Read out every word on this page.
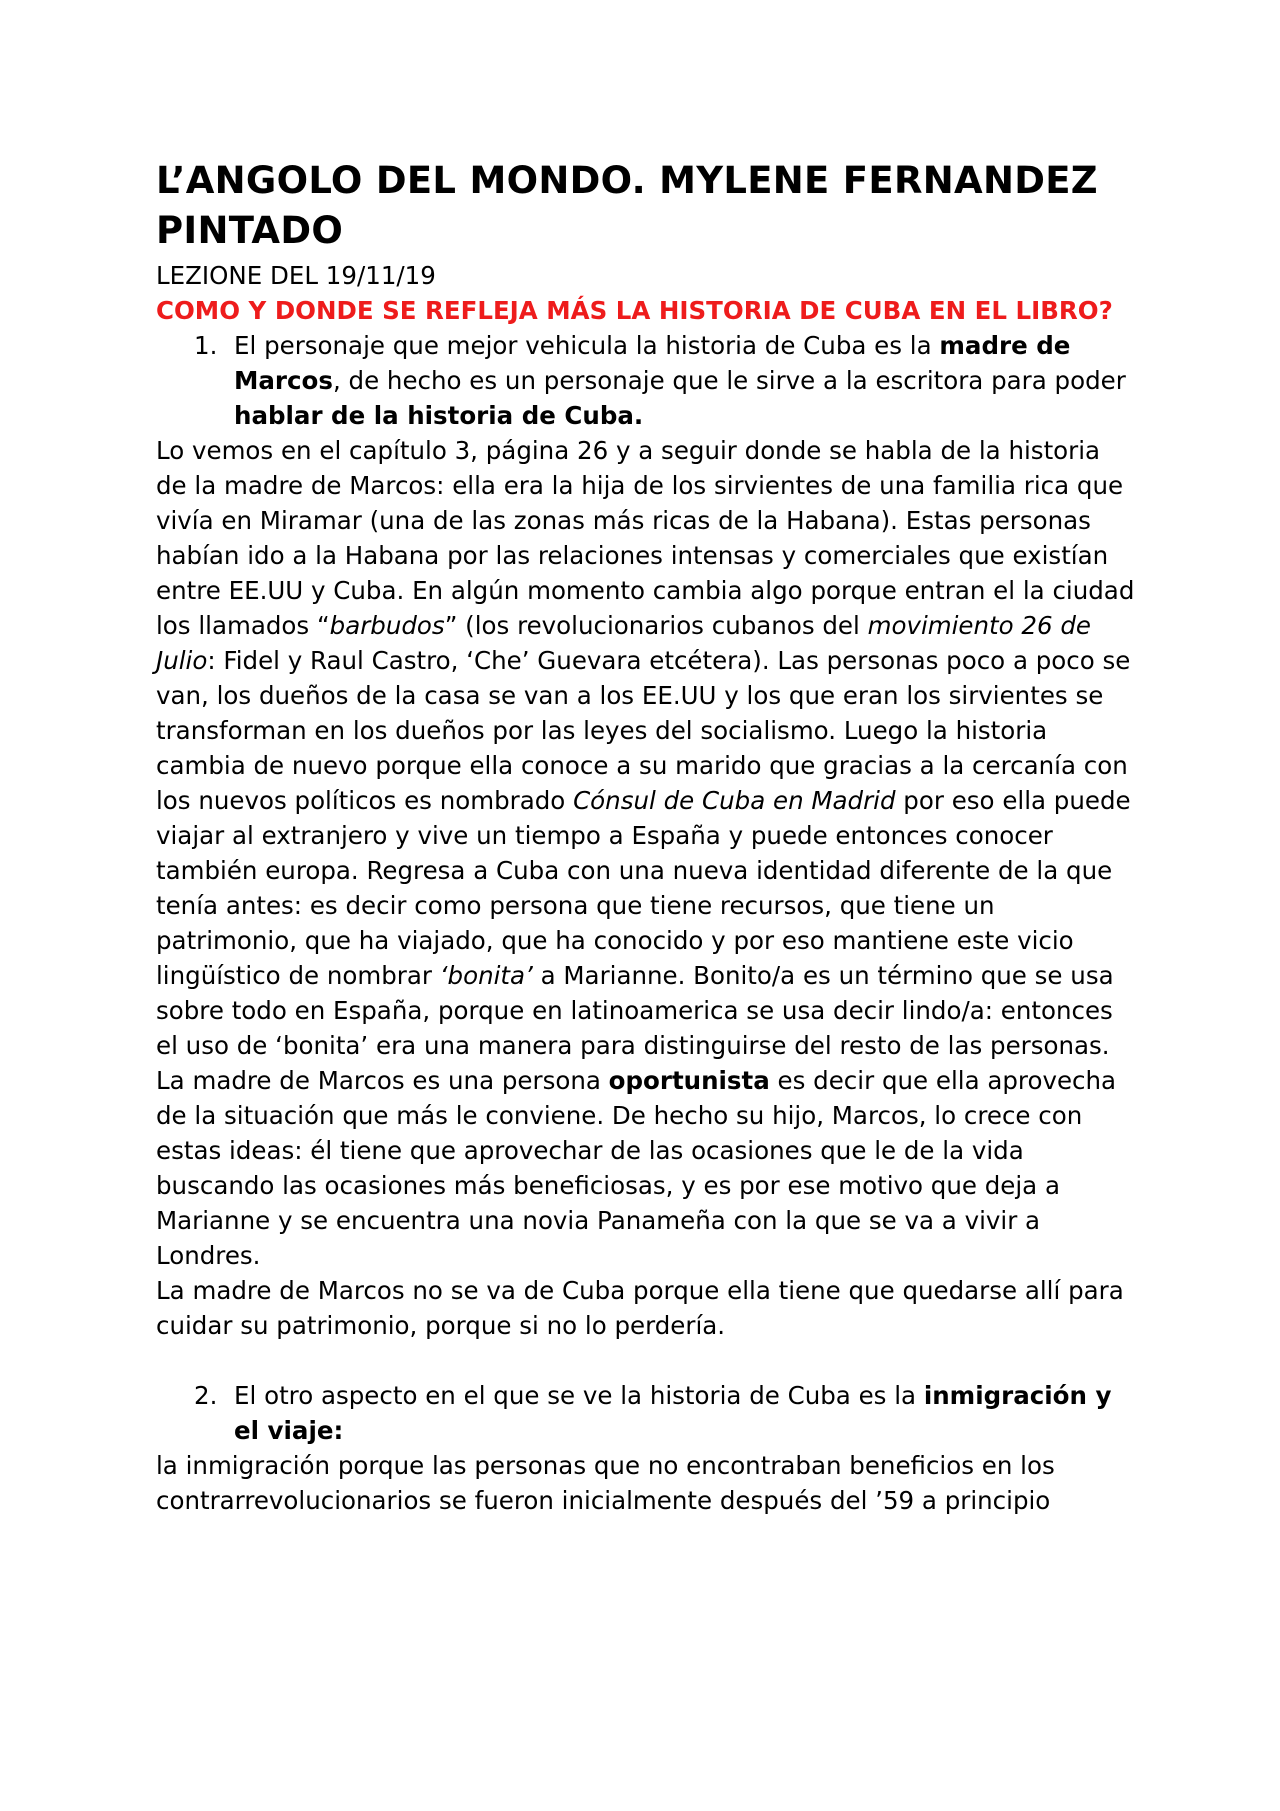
L’ANGOLO DEL MONDO. MYLENE FERNANDEZ PINTADO

LEZIONE DEL 19/11/19

COMO Y DONDE SE REFLEJA MÁS LA HISTORIA DE CUBA EN EL LIBRO?

1. El personaje que mejor vehicula la historia de Cuba es la madre de Marcos, de hecho es un personaje que le sirve a la escritora para poder hablar de la historia de Cuba.

Lo vemos en el capítulo 3, página 26 y a seguir donde se habla de la historia de la madre de Marcos: ella era la hija de los sirvientes de una familia rica que vivía en Miramar (una de las zonas más ricas de la Habana). Estas personas habían ido a la Habana por las relaciones intensas y comerciales que existían entre EE.UU y Cuba. En algún momento cambia algo porque entran el la ciudad los llamados “barbudos” (los revolucionarios cubanos del movimiento 26 de Julio: Fidel y Raul Castro, ‘Che’ Guevara etcétera). Las personas poco a poco se van, los dueños de la casa se van a los EE.UU y los que eran los sirvientes se transforman en los dueños por las leyes del socialismo. Luego la historia cambia de nuevo porque ella conoce a su marido que gracias a la cercanía con los nuevos políticos es nombrado Cónsul de Cuba en Madrid por eso ella puede viajar al extranjero y vive un tiempo a España y puede entonces conocer también europa. Regresa a Cuba con una nueva identidad diferente de la que tenía antes: es decir como persona que tiene recursos, que tiene un patrimonio, que ha viajado, que ha conocido y por eso mantiene este vicio lingüístico de nombrar ‘bonita’ a Marianne. Bonito/a es un término que se usa sobre todo en España, porque en latinoamerica se usa decir lindo/a: entonces el uso de ‘bonita’ era una manera para distinguirse del resto de las personas.

La madre de Marcos es una persona oportunista es decir que ella aprovecha de la situación que más le conviene. De hecho su hijo, Marcos, lo crece con estas ideas: él tiene que aprovechar de las ocasiones que le de la vida buscando las ocasiones más beneficiosas, y es por ese motivo que deja a Marianne y se encuentra una novia Panameña con la que se va a vivir a Londres.

La madre de Marcos no se va de Cuba porque ella tiene que quedarse allí para cuidar su patrimonio, porque si no lo perdería.

2. El otro aspecto en el que se ve la historia de Cuba es la inmigración y el viaje:

la inmigración porque las personas que no encontraban beneficios en los contrarrevolucionarios se fueron inicialmente después del ’59 a principio
